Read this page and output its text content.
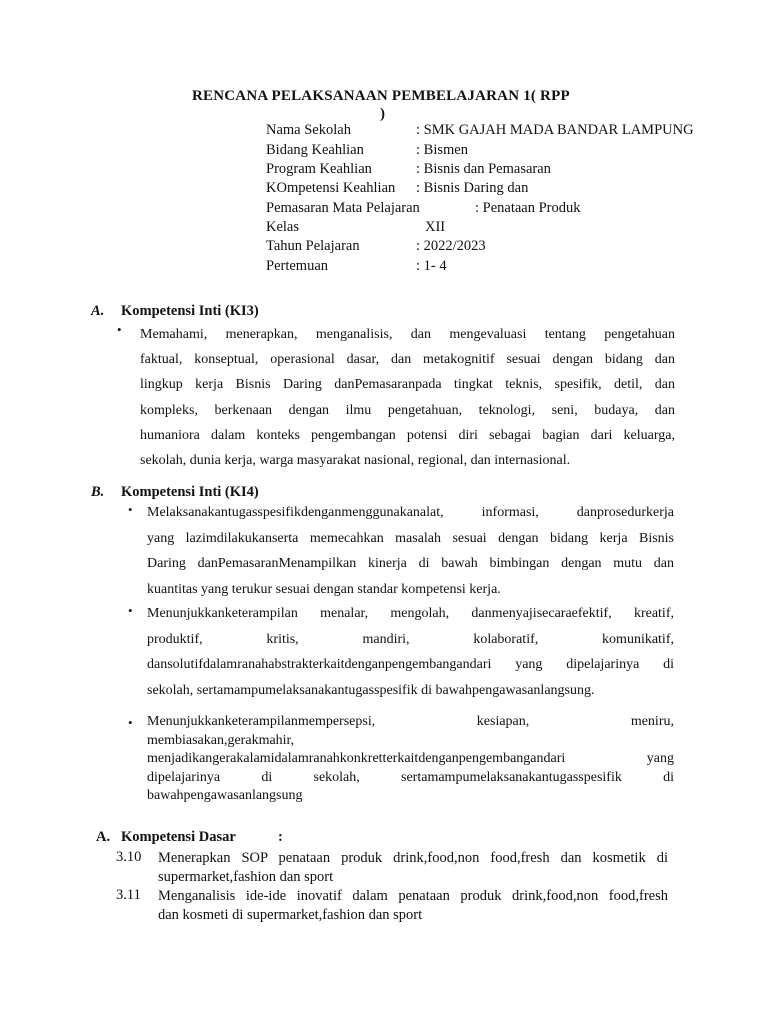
RENCANA PELAKSANAAN PEMBELAJARAN 1( RPP
)
Nama Sekolah	: SMK GAJAH MADA BANDAR LAMPUNG
Bidang Keahlian	: Bismen
Program Keahlian	: Bisnis dan Pemasaran
KOmpetensi Keahlian : Bisnis Daring dan
Pemasaran Mata Pelajaran	: Penataan Produk
Kelas	XII
Tahun Pelajaran	: 2022/2023
Pertemuan	: 1- 4
A. Kompetensi Inti (KI3)
• Memahami, menerapkan, menganalisis, dan mengevaluasi tentang pengetahuan
faktual, konseptual, operasional dasar, dan metakognitif sesuai dengan bidang dan
lingkup kerja Bisnis Daring danPemasaranpada tingkat teknis, spesifik, detil, dan
kompleks, berkenaan dengan ilmu pengetahuan, teknologi, seni, budaya, dan
humaniora dalam konteks pengembangan potensi diri sebagai bagian dari keluarga,
sekolah, dunia kerja, warga masyarakat nasional, regional, dan internasional.
B. Kompetensi Inti (KI4)
• Melaksanakantugasspesifikdenganmenggunakanalat, informasi, danprosedurkerja
yang lazimdilakukanserta memecahkan masalah sesuai dengan bidang kerja Bisnis
Daring danPemasaranMenampilkan kinerja di bawah bimbingan dengan mutu dan
kuantitas yang terukur sesuai dengan standar kompetensi kerja.
• Menunjukkanketerampilan menalar, mengolah, danmenyajisecaraefektif, kreatif,
produktif, kritis, mandiri, kolaboratif, komunikatif,
dansolutifdalamranahabstrakterkaitdenganpengembangandari yang dipelajarinya di
sekolah, sertamampumelaksanakantugasspesifik di bawahpengawasanlangsung.
• Menunjukkanketerampilanmempersepsi, kesiapan, meniru,
membiasakan,gerakmahir,
menjadikangerakalamidalamranahkonkretterkaitdenganpengembangandari yang
dipelajarinya di sekolah, sertamampumelaksanakantugasspesifik di
bawahpengawasanlangsung
A. Kompetensi Dasar	:
3.10 Menerapkan SOP penataan produk drink,food,non food,fresh dan kosmetik di
supermarket,fashion dan sport
3.11 Menganalisis ide-ide inovatif dalam penataan produk drink,food,non food,fresh
dan kosmeti di supermarket,fashion dan sport
